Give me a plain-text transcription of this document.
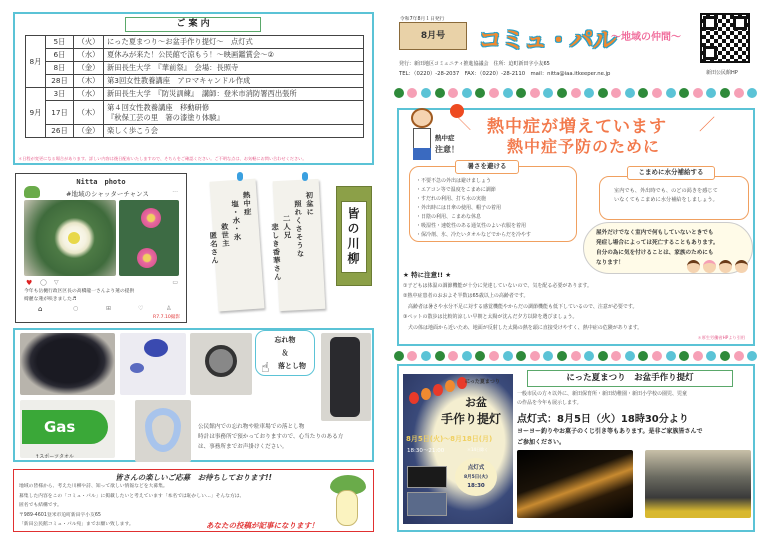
ご 案 内
8月	5日	（火）	にった夏まつり～お盆手作り提灯～　点灯式
	6日	（水）	夏休みが来た！公民館で涼もう！～映画鑑賞会～②
	8日	（金）	新田長生大学　『華前祭』　会場：長照寺
	28日	（木）	第3回女性教養講座　アロマキャンドル作成
9月	3日	（水）	新田長生大学　『防災訓練』　講師：登米市消防署西出張所
	17日	（木）	第４回女性教養講座　移動研修
『秋保工芸の里　箸の漆塗り体験』

	26日	（金）	楽しく歩こう会
＊日程が変更になる場合があります。詳しい内容は後日配布いたしますので、そちらをご確認ください。ご不明な点は、お気軽にお問い合わせください。
Nitta　photo
#地域のシャッターチャンス	···
♥ ◯ ▽	▭
今年も岳樋行政区区長の高橋龍一さんより蓮の提供
綺麗な蓮が咲きました♬
⌂	○	⊞	♡	♙
R7.7.10撮影
熱中症
塩・水・氷
救世主
匿名さん
初盆に
照れくさそうな
二人兄
悲しき香華さん	皆の川柳
忘れ物
＆
落とし物
☝
Gas
↑スポーツタオル
公民館内での忘れ物や駐車場での落とし物
時計は事務所で預かっておりますので、心当たりのある方
は、事務所までお声掛けください。
皆さんの楽しいご応募　お待ちしております!!
地域の皆様から、考えた川柳や詩、知って欲しい情報などを大募集。
募集した内容をこの「コミュ・パル」に掲載したいと考えています「本名では恥かしい…」そんな方は、
匿名でも結構です。
〒989-4601登米市迫町新田字小友65
「新田公民館コミュ・パル宛」までお願い致します。	あなたの投稿が記事になります！
令和7年8月１日発行
8月号	コミュ・パル
～地域の仲間～
発行：新田地区コミュニティ推進協議会　住所：迫町新田字小友65
TEL：（0220）-28-2037　FAX：（0220）-28-2110　mail：nitta@iaa.itkeeper.ne.jp	新田公民館HP
熱中症
注意！
熱中症が増えています ／
＼
熱中症予防のために
・不要不急の外出は避けましょう
・エアコン等で温度をこまめに調節
・すだれの利用、打ち水の実施
・外出時には日傘の使用、帽子の着用
・日陰の利用、こまめな休息
・吸湿性・速乾性のある通気性のよい衣服を着用
・保冷剤、氷、冷たいタオルなどでからだを冷やす
暑さを避ける
室内でも、外出時でも、のどの渇きを感じて
いなくてもこまめに水分補給をしましょう。
こまめに水分補給する
屋外だけでなく室内で何もしていないときでも
発症し場合によっては死亡することもあります。
自分の為に気を付けることは、家族のためにも
なります！
★ 特に注意!! ★
①子どもは体温の調節機能が十分に発達していないので、気を配る必要があります。
②熱中症患者のおおよそ半数は65歳以上の高齢者です。
　高齢者は暑さや水分不足に対する感覚機能やからだの調節機能も低下しているので、注意が必要です。
③ペットの散歩は比較的涼しい早朝と太陽が沈んだ夕方以降を選びましょう。
　犬の体は地面から近いため、地面が反射した太陽の熱を頭に直接受けやすく、熱中症の危険があります。
＊厚生労働省HPより引用
にった夏まつり
お盆
手作り提灯
8月5日(火)～8月18日(月)
18:30～21:00	＊14日除く
点灯式
8月5日(火)
18:30
にった夏まつり　お盆手作り提灯
一般市民の方々以外に、新田保育所・新田幼稚園・新田小学校の園児、児童
の作品を今年も展示します。
点灯式：8月5日（火）18時30分より
ヨーヨー釣りやお菓子のくじ引き等もあります。是非ご家族皆さんで
ご参加ください。
